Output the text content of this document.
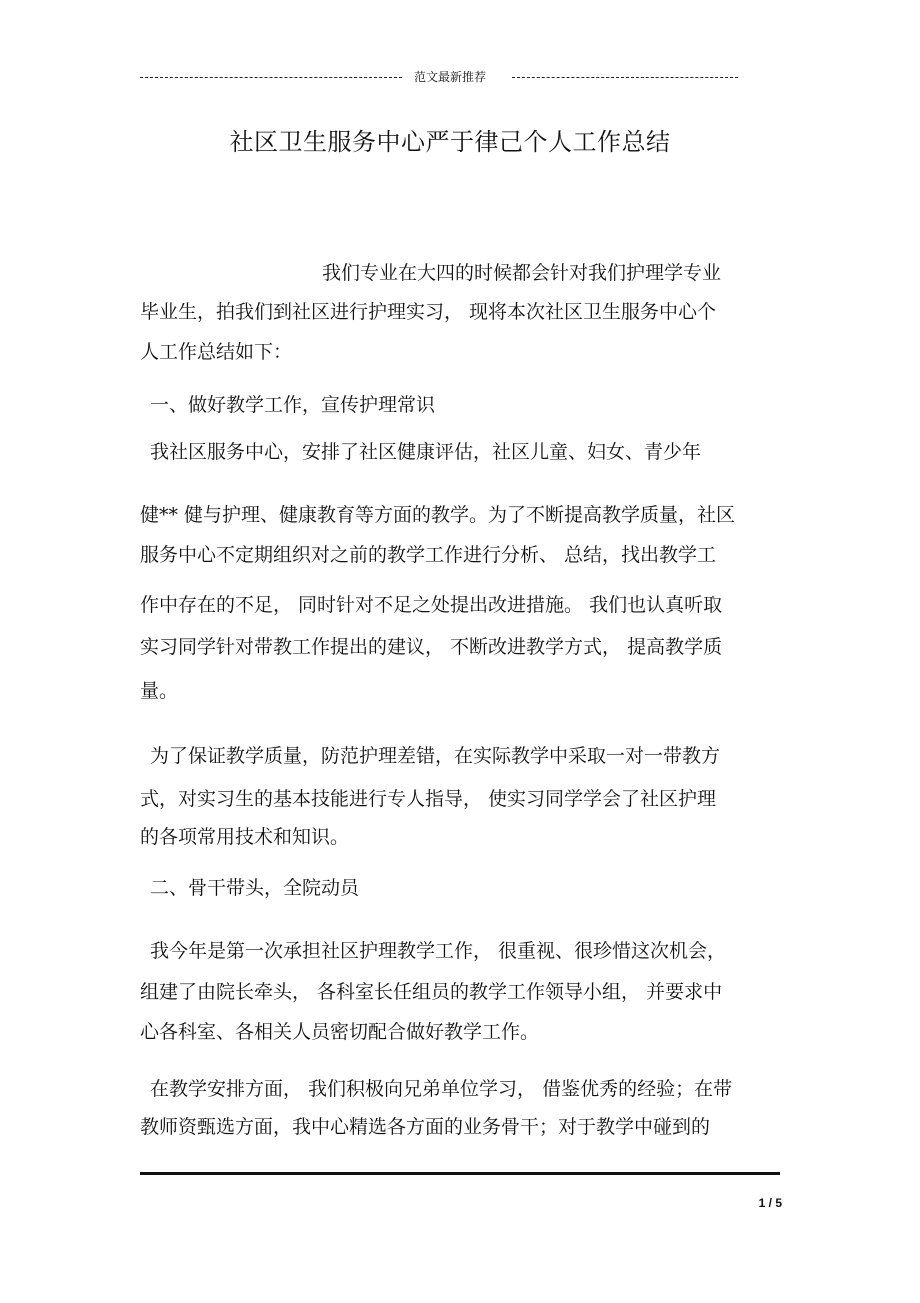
范文最新推荐
社区卫生服务中心严于律己个人工作总结
我们专业在大四的时候都会针对我们护理学专业
毕业生，拍我们到社区进行护理实习， 现将本次社区卫生服务中心个
人工作总结如下：
一、做好教学工作，宣传护理常识
我社区服务中心，安排了社区健康评估，社区儿童、妇女、青少年
健** 健与护理、健康教育等方面的教学。为了不断提高教学质量，社区
服务中心不定期组织对之前的教学工作进行分析、 总结，找出教学工
作中存在的不足， 同时针对不足之处提出改进措施。 我们也认真听取
实习同学针对带教工作提出的建议， 不断改进教学方式， 提高教学质
量。
为了保证教学质量，防范护理差错，在实际教学中采取一对一带教方
式，对实习生的基本技能进行专人指导， 使实习同学学会了社区护理
的各项常用技术和知识。
二、骨干带头，全院动员
我今年是第一次承担社区护理教学工作， 很重视、很珍惜这次机会，
组建了由院长牵头， 各科室长任组员的教学工作领导小组， 并要求中
心各科室、各相关人员密切配合做好教学工作。
在教学安排方面， 我们积极向兄弟单位学习， 借鉴优秀的经验；在带
教师资甄选方面，我中心精选各方面的业务骨干；对于教学中碰到的
1 / 5
